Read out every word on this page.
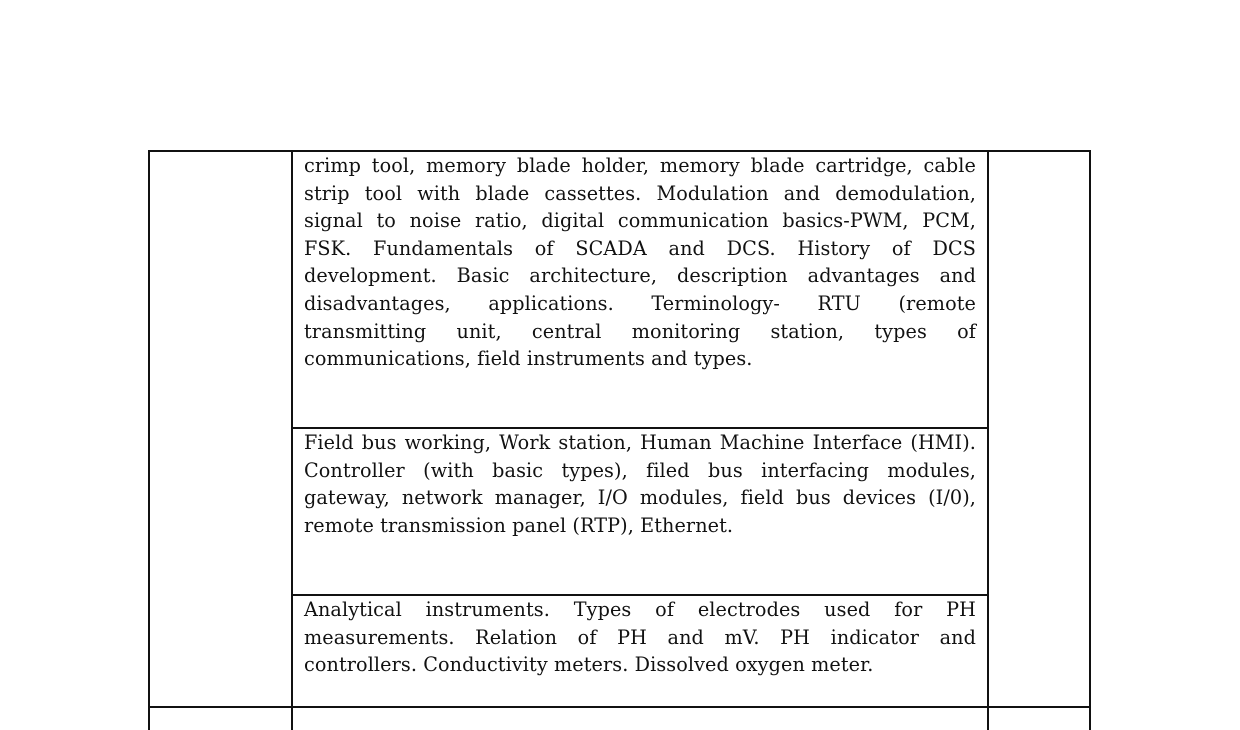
crimp tool, memory blade holder, memory blade cartridge, cable strip tool with blade cassettes. Modulation and demodulation, signal to noise ratio, digital communication basics-PWM, PCM, FSK. Fundamentals of SCADA and DCS. History of DCS development. Basic architecture, description advantages and disadvantages, applications. Terminology- RTU (remote transmitting unit, central monitoring station, types of communications, field instruments and types.

Field bus working, Work station, Human Machine Interface (HMI). Controller (with basic types), filed bus interfacing modules, gateway, network manager, I/O modules, field bus devices (I/0), remote transmission panel (RTP), Ethernet.

Analytical instruments. Types of electrodes used for PH measurements. Relation of PH and mV. PH indicator and controllers. Conductivity meters. Dissolved oxygen meter.
